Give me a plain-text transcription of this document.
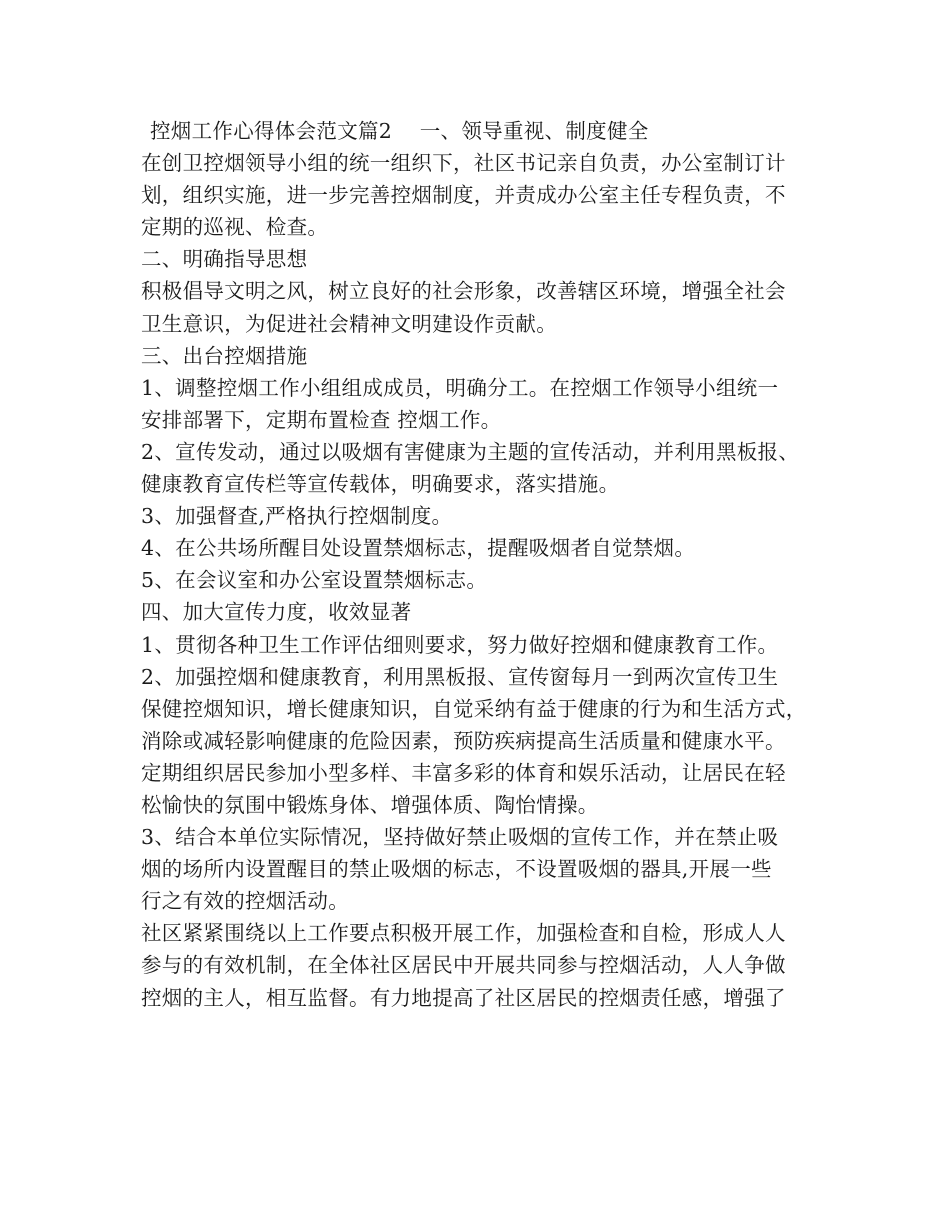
控烟工作心得体会范文篇2　 一、领导重视、制度健全
在创卫控烟领导小组的统一组织下，社区书记亲自负责，办公室制订计
划，组织实施，进一步完善控烟制度，并责成办公室主任专程负责，不
定期的巡视、检查。
二、明确指导思想
积极倡导文明之风，树立良好的社会形象，改善辖区环境，增强全社会
卫生意识，为促进社会精神文明建设作贡献。
三、出台控烟措施
1、调整控烟工作小组组成成员，明确分工。在控烟工作领导小组统一
安排部署下，定期布置检查 控烟工作。
2、宣传发动，通过以吸烟有害健康为主题的宣传活动，并利用黑板报、
健康教育宣传栏等宣传载体，明确要求，落实措施。
3、加强督查,严格执行控烟制度。
4、在公共场所醒目处设置禁烟标志，提醒吸烟者自觉禁烟。
5、在会议室和办公室设置禁烟标志。
四、加大宣传力度，收效显著
1、贯彻各种卫生工作评估细则要求，努力做好控烟和健康教育工作。
2、加强控烟和健康教育，利用黑板报、宣传窗每月一到两次宣传卫生
保健控烟知识，增长健康知识，自觉采纳有益于健康的行为和生活方式，
消除或减轻影响健康的危险因素，预防疾病提高生活质量和健康水平。
定期组织居民参加小型多样、丰富多彩的体育和娱乐活动，让居民在轻
松愉快的氛围中锻炼身体、增强体质、陶怡情操。
3、结合本单位实际情况，坚持做好禁止吸烟的宣传工作，并在禁止吸
烟的场所内设置醒目的禁止吸烟的标志，不设置吸烟的器具,开展一些
行之有效的控烟活动。
社区紧紧围绕以上工作要点积极开展工作，加强检查和自检，形成人人
参与的有效机制，在全体社区居民中开展共同参与控烟活动，人人争做
控烟的主人，相互监督。有力地提高了社区居民的控烟责任感，增强了
